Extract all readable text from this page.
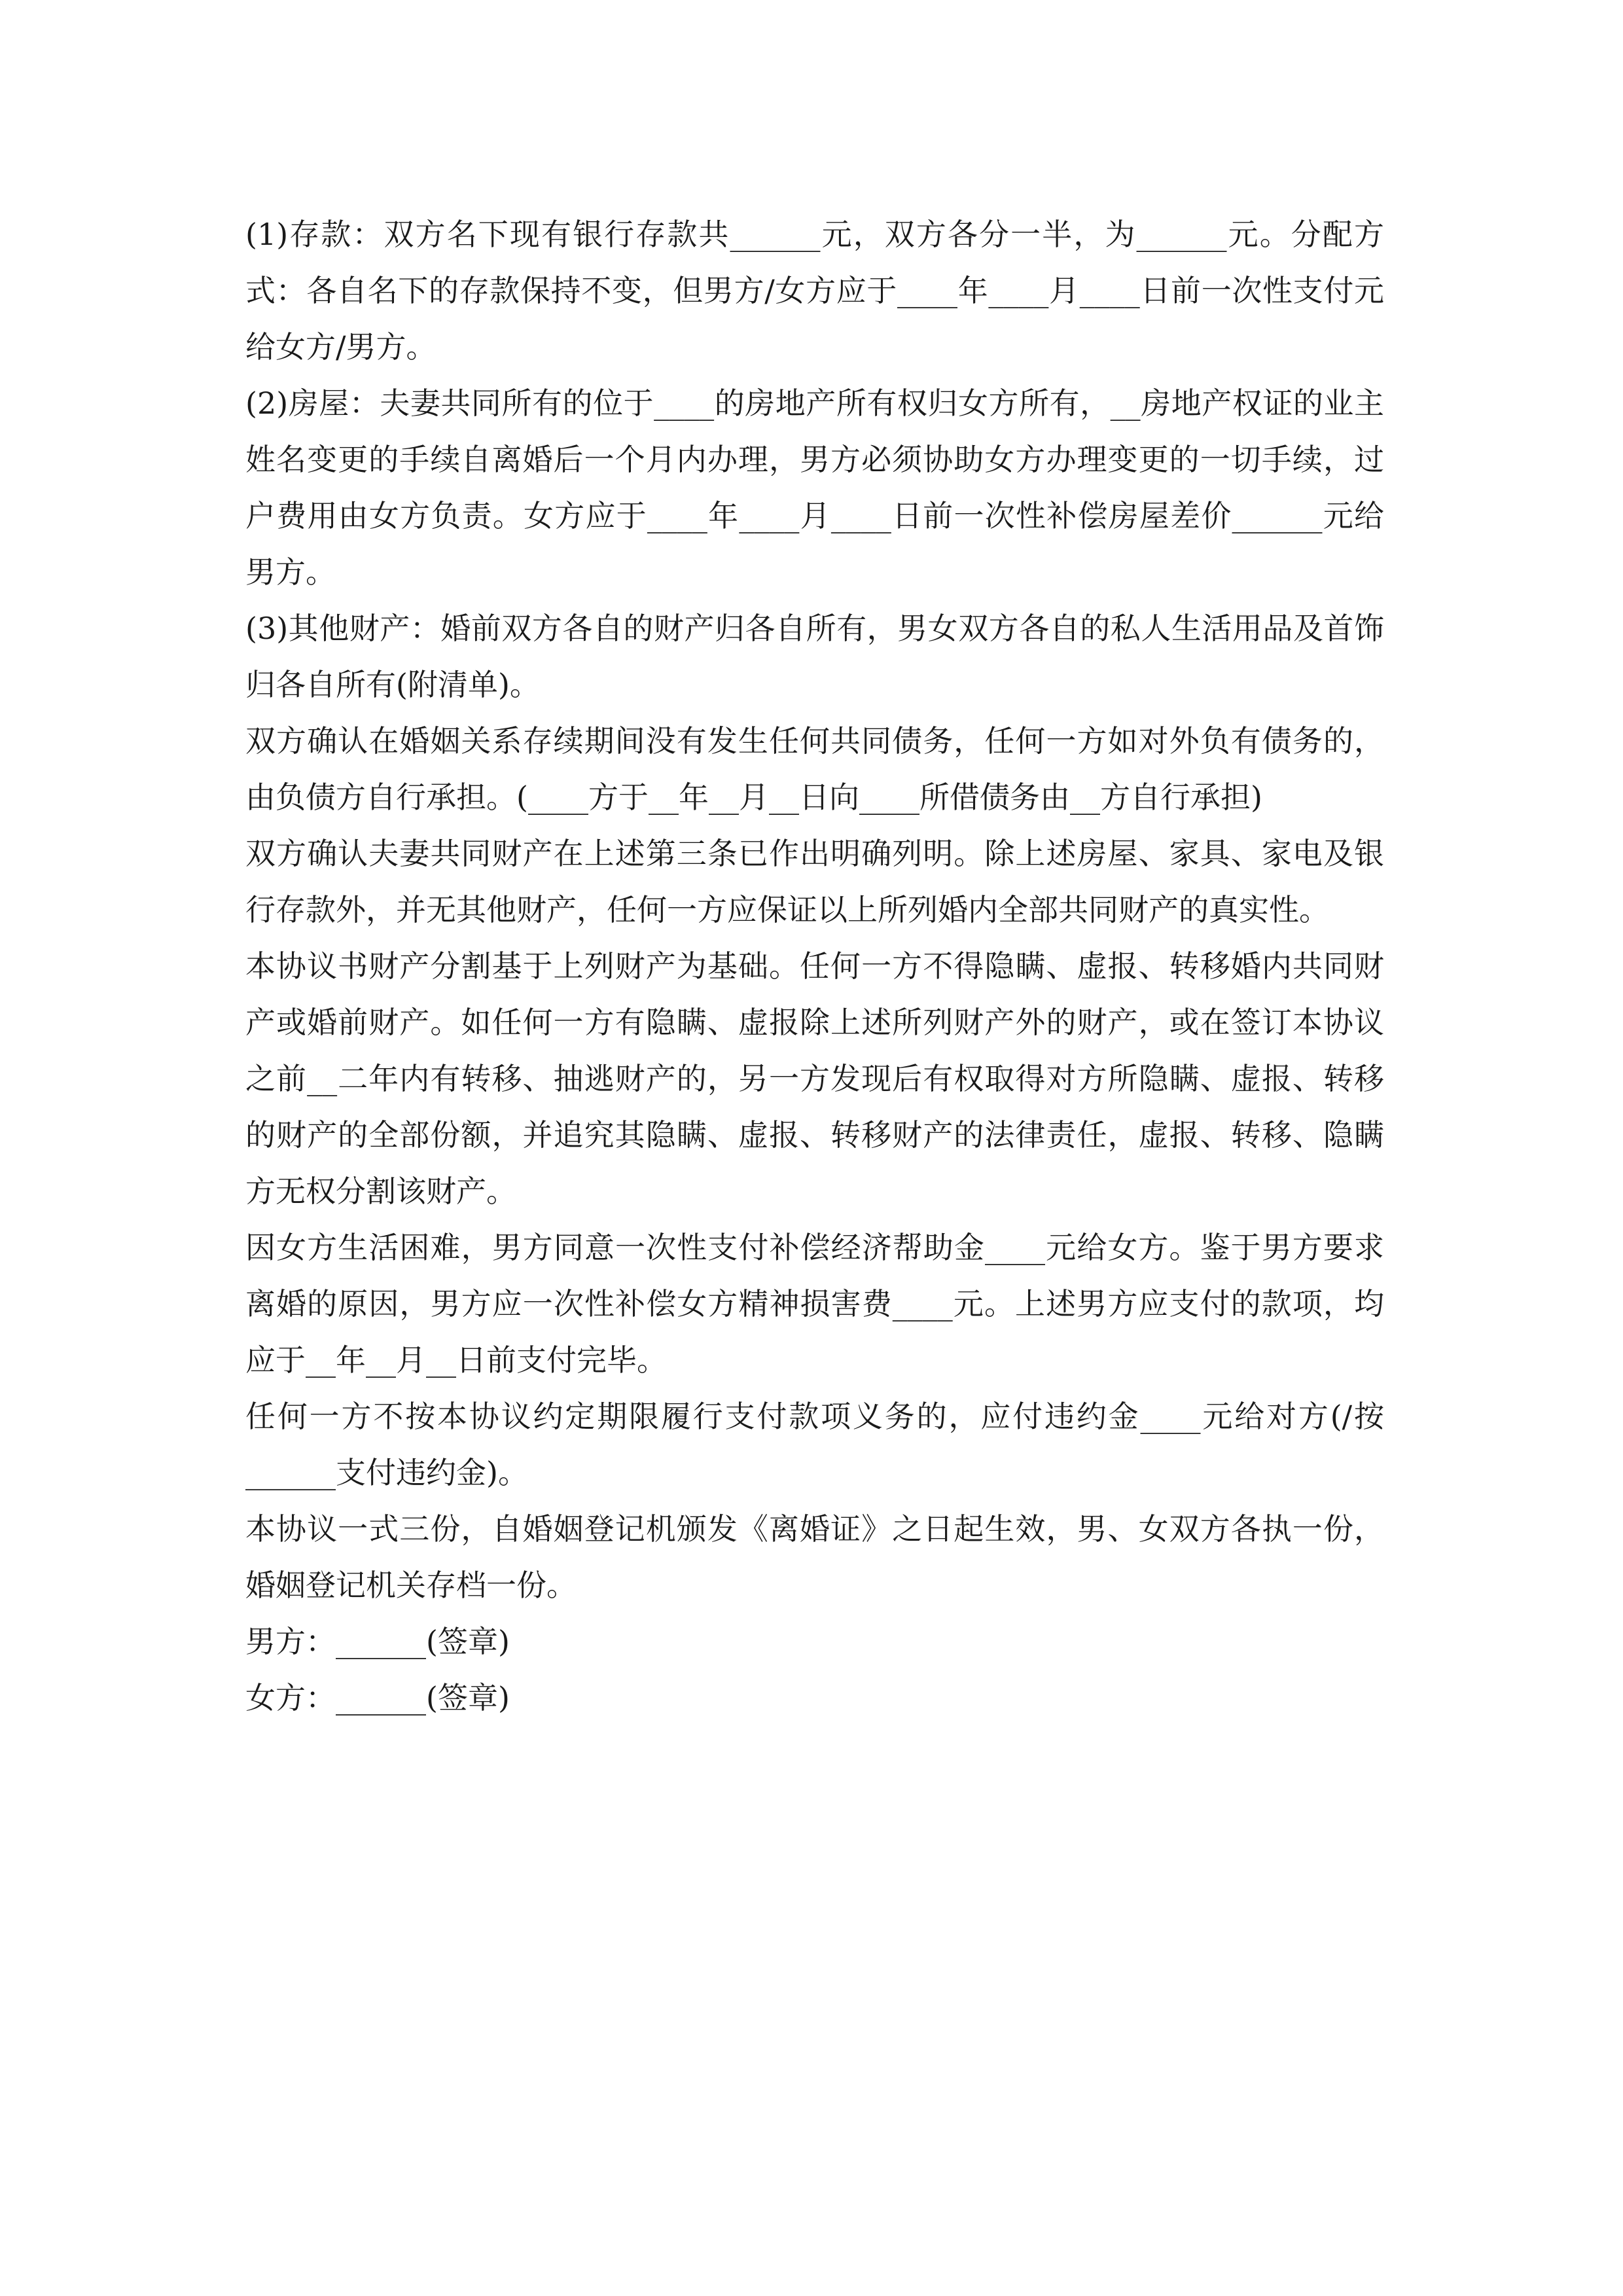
(1)存款：双方名下现有银行存款共______元，双方各分一半，为______元。分配方式：各自名下的存款保持不变，但男方/女方应于____年____月____日前一次性支付元给女方/男方。

(2)房屋：夫妻共同所有的位于____的房地产所有权归女方所有，__房地产权证的业主姓名变更的手续自离婚后一个月内办理，男方必须协助女方办理变更的一切手续，过户费用由女方负责。女方应于____年____月____日前一次性补偿房屋差价______元给男方。

(3)其他财产：婚前双方各自的财产归各自所有，男女双方各自的私人生活用品及首饰归各自所有(附清单)。

双方确认在婚姻关系存续期间没有发生任何共同债务，任何一方如对外负有债务的，由负债方自行承担。(____方于__年__月__日向____所借债务由__方自行承担)

双方确认夫妻共同财产在上述第三条已作出明确列明。除上述房屋、家具、家电及银行存款外，并无其他财产，任何一方应保证以上所列婚内全部共同财产的真实性。

本协议书财产分割基于上列财产为基础。任何一方不得隐瞒、虚报、转移婚内共同财产或婚前财产。如任何一方有隐瞒、虚报除上述所列财产外的财产，或在签订本协议之前__二年内有转移、抽逃财产的，另一方发现后有权取得对方所隐瞒、虚报、转移的财产的全部份额，并追究其隐瞒、虚报、转移财产的法律责任，虚报、转移、隐瞒方无权分割该财产。

因女方生活困难，男方同意一次性支付补偿经济帮助金____元给女方。鉴于男方要求离婚的原因，男方应一次性补偿女方精神损害费____元。上述男方应支付的款项，均应于__年__月__日前支付完毕。

任何一方不按本协议约定期限履行支付款项义务的，应付违约金____元给对方(/按______支付违约金)。

本协议一式三份，自婚姻登记机颁发《离婚证》之日起生效，男、女双方各执一份，婚姻登记机关存档一份。

男方：______(签章)

女方：______(签章)
